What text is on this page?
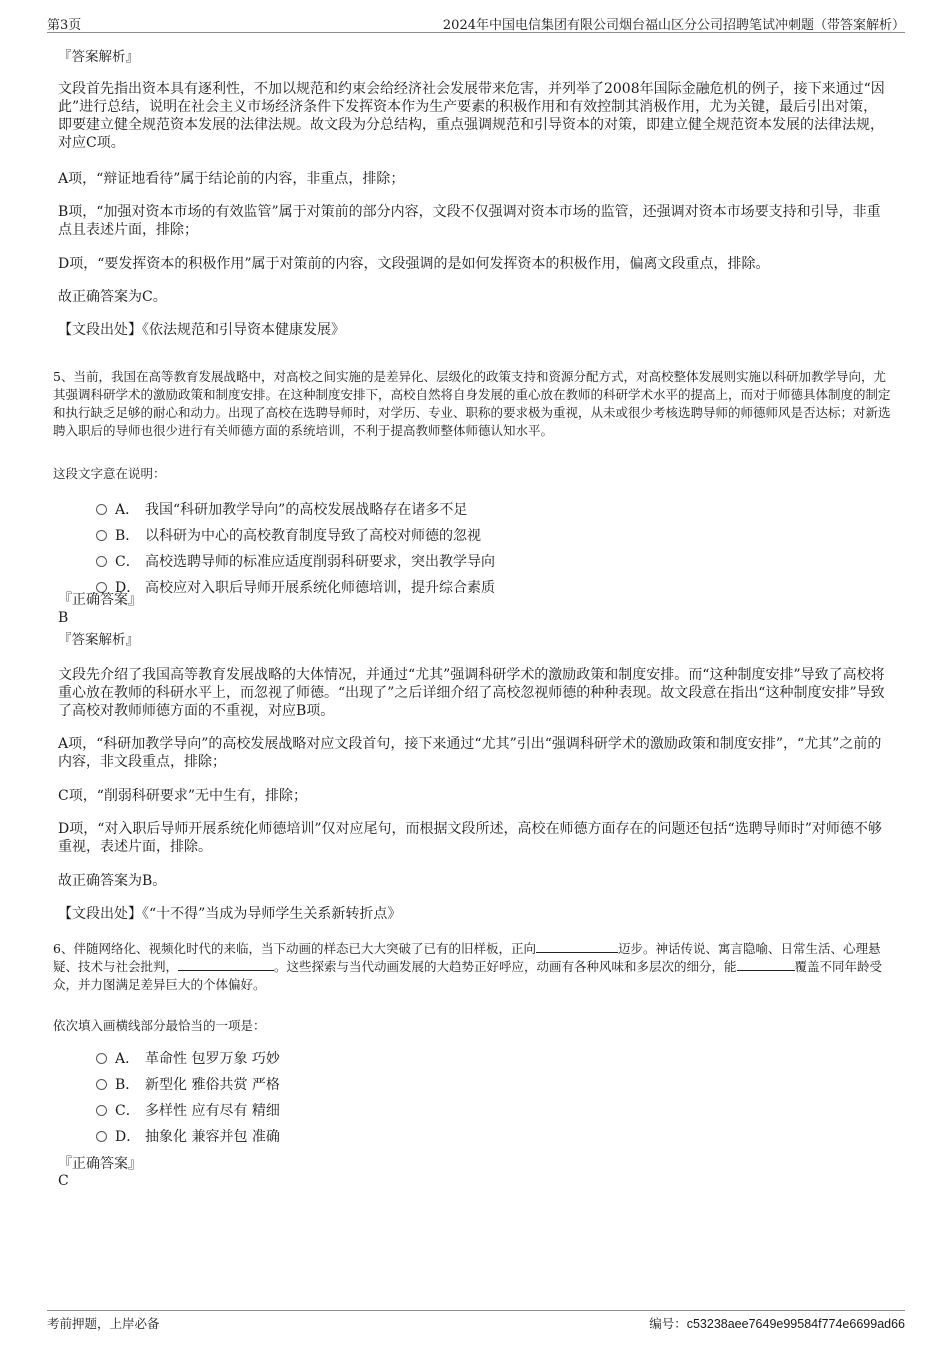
第3页	2024年中国电信集团有限公司烟台福山区分公司招聘笔试冲刺题（带答案解析）
『答案解析』
文段首先指出资本具有逐利性，不加以规范和约束会给经济社会发展带来危害，并列举了2008年国际金融危机的例子，接下来通过“因此”进行总结，说明在社会主义市场经济条件下发挥资本作为生产要素的积极作用和有效控制其消极作用，尤为关键，最后引出对策，即要建立健全规范资本发展的法律法规。故文段为分总结构，重点强调规范和引导资本的对策，即建立健全规范资本发展的法律法规，对应C项。
A项，“辩证地看待”属于结论前的内容，非重点，排除；
B项，“加强对资本市场的有效监管”属于对策前的部分内容，文段不仅强调对资本市场的监管，还强调对资本市场要支持和引导，非重点且表述片面，排除；
D项，“要发挥资本的积极作用”属于对策前的内容，文段强调的是如何发挥资本的积极作用，偏离文段重点，排除。
故正确答案为C。
【文段出处】《依法规范和引导资本健康发展》
5、当前，我国在高等教育发展战略中，对高校之间实施的是差异化、层级化的政策支持和资源分配方式，对高校整体发展则实施以科研加教学导向，尤其强调科研学术的激励政策和制度安排。在这种制度安排下，高校自然将自身发展的重心放在教师的科研学术水平的提高上，而对于师德具体制度的制定和执行缺乏足够的耐心和动力。出现了高校在选聘导师时，对学历、专业、职称的要求极为重视，从未或很少考核选聘导师的师德师风是否达标；对新选聘入职后的导师也很少进行有关师德方面的系统培训，不利于提高教师整体师德认知水平。
这段文字意在说明：
A． 我国“科研加教学导向”的高校发展战略存在诸多不足
B． 以科研为中心的高校教育制度导致了高校对师德的忽视
C． 高校选聘导师的标准应适度削弱科研要求，突出教学导向
D． 高校应对入职后导师开展系统化师德培训，提升综合素质
『正确答案』
B
『答案解析』
文段先介绍了我国高等教育发展战略的大体情况，并通过“尤其”强调科研学术的激励政策和制度安排。而“这种制度安排”导致了高校将重心放在教师的科研水平上，而忽视了师德。“出现了”之后详细介绍了高校忽视师德的种种表现。故文段意在指出“这种制度安排”导致了高校对教师师德方面的不重视，对应B项。
A项，“科研加教学导向”的高校发展战略对应文段首句，接下来通过“尤其”引出“强调科研学术的激励政策和制度安排”，“尤其”之前的内容，非文段重点，排除；
C项，“削弱科研要求”无中生有，排除；
D项，“对入职后导师开展系统化师德培训”仅对应尾句，而根据文段所述，高校在师德方面存在的问题还包括“选聘导师时”对师德不够重视，表述片面，排除。
故正确答案为B。
【文段出处】《“十不得”当成为导师学生关系新转折点》
6、伴随网络化、视频化时代的来临，当下动画的样态已大大突破了已有的旧样板，正向	迈步。神话传说、寓言隐喻、日常生活、心理悬疑、技术与社会批判，	。这些探索与当代动画发展的大趋势正好呼应，动画有各种风味和多层次的细分，能	覆盖不同年龄受众，并力图满足差异巨大的个体偏好。
依次填入画横线部分最恰当的一项是：
A． 革命性 包罗万象 巧妙
B． 新型化 雅俗共赏 严格
C． 多样性 应有尽有 精细
D． 抽象化 兼容并包 准确
『正确答案』
C
考前押题，上岸必备	编号：c53238aee7649e99584f774e6699ad66
